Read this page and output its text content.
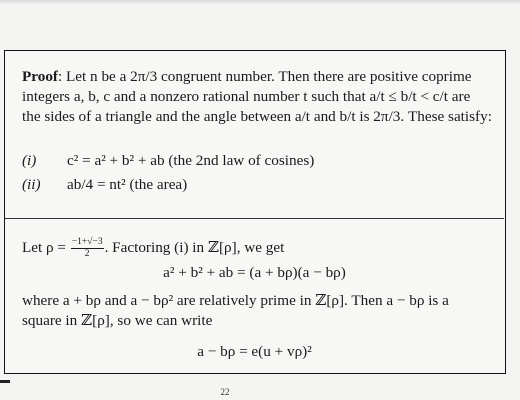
Proof: Let n be a 2π/3 congruent number. Then there are positive coprime integers a, b, c and a nonzero rational number t such that a/t ≤ b/t < c/t are the sides of a triangle and the angle between a/t and b/t is 2π/3. These satisfy:
(i) c² = a² + b² + ab (the 2nd law of cosines)
(ii) ab/4 = nt² (the area)
Let $\rho = \frac{-1+√-3}{2}$ . Factoring (i) in ℤ[ρ], we get
a² + b² + ab = (a + bρ)(a − bρ)
where a + bρ and a − bρ² are relatively prime in ℤ[ρ]. Then a − bρ is a square in ℤ[ρ], so we can write
a − bρ = e(u + vρ)²
22
